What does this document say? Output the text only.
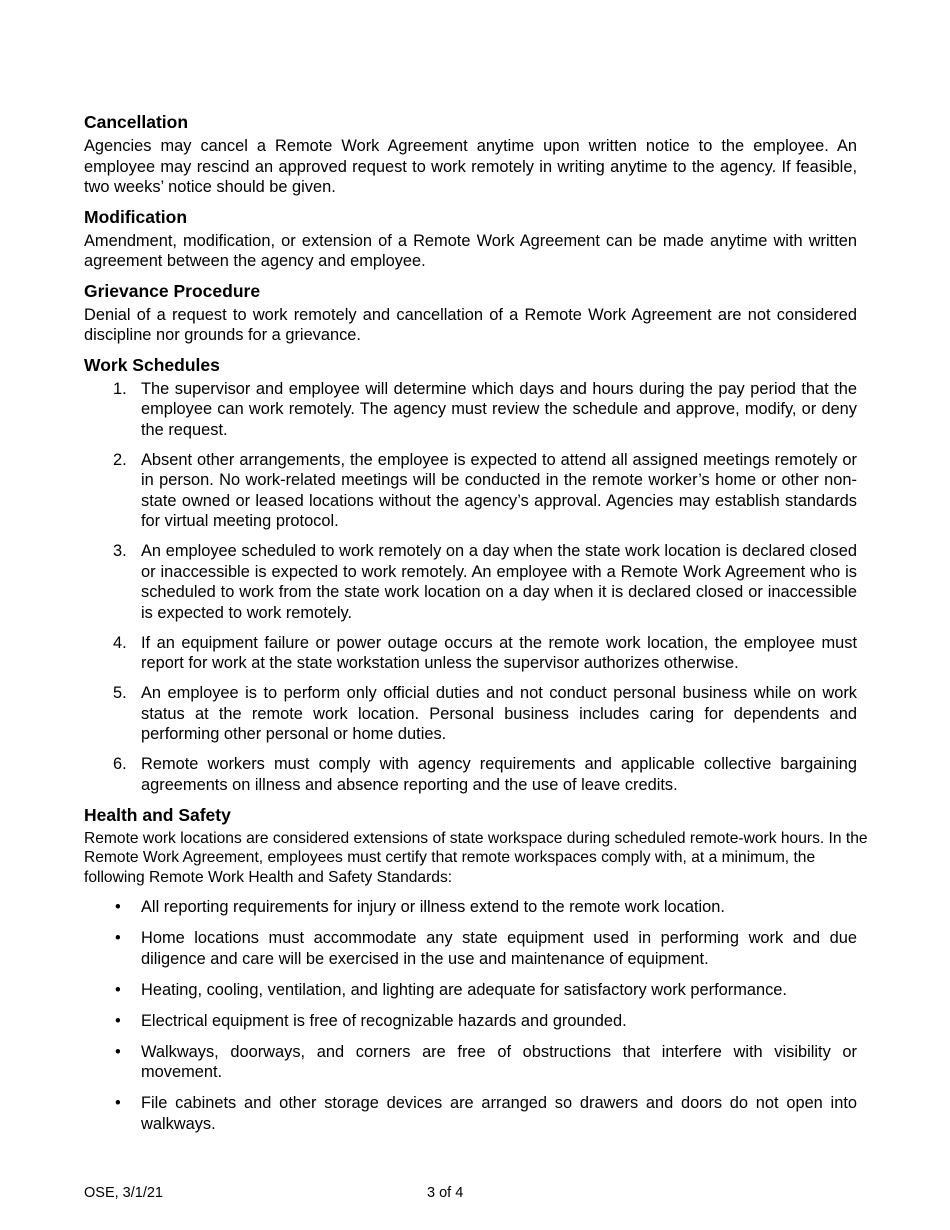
Cancellation

Agencies may cancel a Remote Work Agreement anytime upon written notice to the employee. An employee may rescind an approved request to work remotely in writing anytime to the agency. If feasible, two weeks’ notice should be given.

Modification

Amendment, modification, or extension of a Remote Work Agreement can be made anytime with written agreement between the agency and employee.

Grievance Procedure

Denial of a request to work remotely and cancellation of a Remote Work Agreement are not considered discipline nor grounds for a grievance.

Work Schedules
1. The supervisor and employee will determine which days and hours during the pay period that the employee can work remotely. The agency must review the schedule and approve, modify, or deny the request.
2. Absent other arrangements, the employee is expected to attend all assigned meetings remotely or in person. No work-related meetings will be conducted in the remote worker’s home or other non-state owned or leased locations without the agency’s approval. Agencies may establish standards for virtual meeting protocol.
3. An employee scheduled to work remotely on a day when the state work location is declared closed or inaccessible is expected to work remotely. An employee with a Remote Work Agreement who is scheduled to work from the state work location on a day when it is declared closed or inaccessible is expected to work remotely.
4. If an equipment failure or power outage occurs at the remote work location, the employee must report for work at the state workstation unless the supervisor authorizes otherwise.
5. An employee is to perform only official duties and not conduct personal business while on work status at the remote work location. Personal business includes caring for dependents and performing other personal or home duties.
6. Remote workers must comply with agency requirements and applicable collective bargaining agreements on illness and absence reporting and the use of leave credits.
Health and Safety

Remote work locations are considered extensions of state workspace during scheduled remote-work hours. In the Remote Work Agreement, employees must certify that remote workspaces comply with, at a minimum, the following Remote Work Health and Safety Standards:

• All reporting requirements for injury or illness extend to the remote work location.
• Home locations must accommodate any state equipment used in performing work and due diligence and care will be exercised in the use and maintenance of equipment.
• Heating, cooling, ventilation, and lighting are adequate for satisfactory work performance.
• Electrical equipment is free of recognizable hazards and grounded.
• Walkways, doorways, and corners are free of obstructions that interfere with visibility or movement.
• File cabinets and other storage devices are arranged so drawers and doors do not open into walkways.
OSE, 3/1/21	3 of 4
